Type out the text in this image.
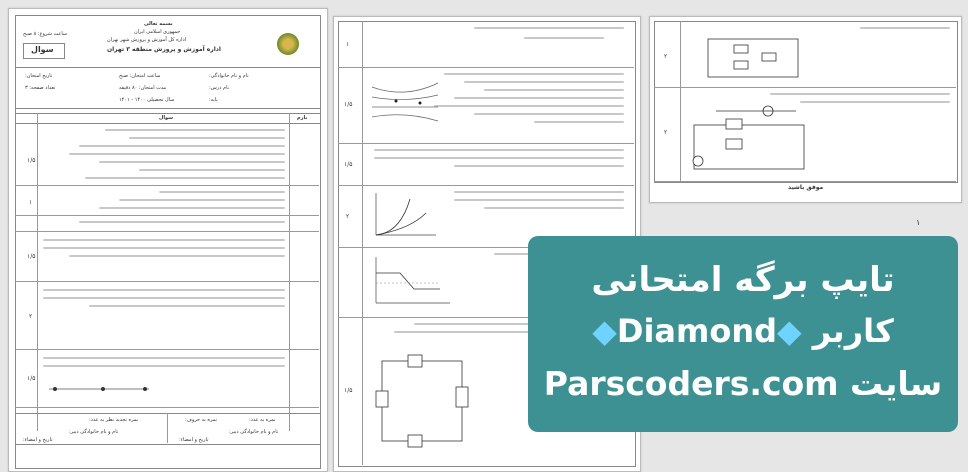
بسمه تعالی
جمهوری اسلامی ایران
اداره کل آموزش و پرورش شهر تهران
اداره آموزش و پرورش منطقه ۳ تهران
ساعت شروع: ۸ صبح
سوال
نام و نام خانوادگی:
نام درس:
پایه:
ساعت امتحان: صبح
مدت امتحان: ۸۰ دقیقه
سال تحصیلی ۱۴۰۰ - ۱۴۰۱
تاریخ امتحان:
تعداد صفحه: ۳
بارم
سوال
۱/۵
۱
۱/۵
۲
۱/۵
نمره به عدد:
نمره به حروف:
نام و نام خانوادگی دبیر:
تاریخ و امضاء:
نمره تجدید نظر به عدد:
نام و نام خانوادگی دبیر:
تاریخ و امضاء:
۱
۱/۵
۱/۵
۲
۱/۵
۲
۲
موفق باشید
۱
تایپ برگه امتحانی
کاربر ◆Diamond◆
سایت Parscoders.com
